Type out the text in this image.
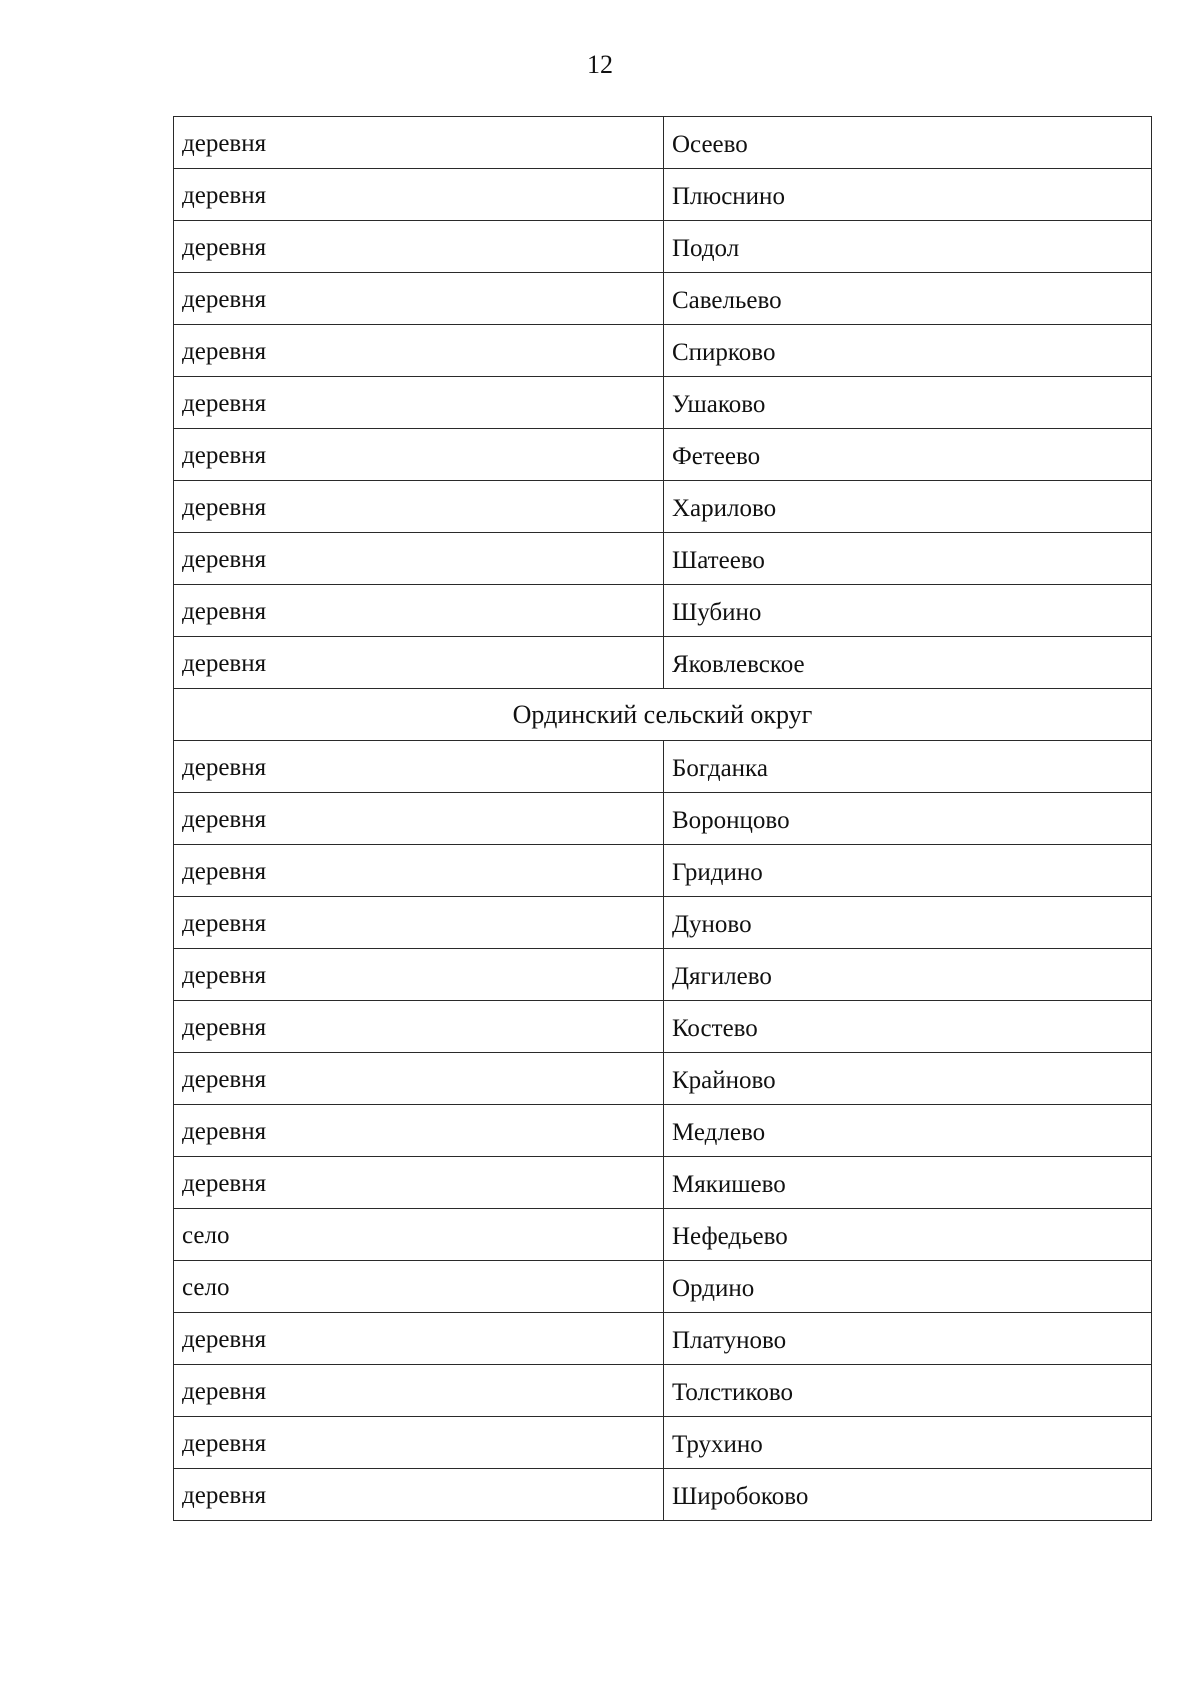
12
деревня	Осеево
деревня	Плюснино
деревня	Подол
деревня	Савельево
деревня	Спирково
деревня	Ушаково
деревня	Фетеево
деревня	Харилово
деревня	Шатеево
деревня	Шубино
деревня	Яковлевское
Ординский сельский округ	
деревня	Богданка
деревня	Воронцово
деревня	Гридино
деревня	Дуново
деревня	Дягилево
деревня	Костево
деревня	Крайново
деревня	Медлево
деревня	Мякишево
село	Нефедьево
село	Ордино
деревня	Платуново
деревня	Толстиково
деревня	Трухино
деревня	Широбоково
